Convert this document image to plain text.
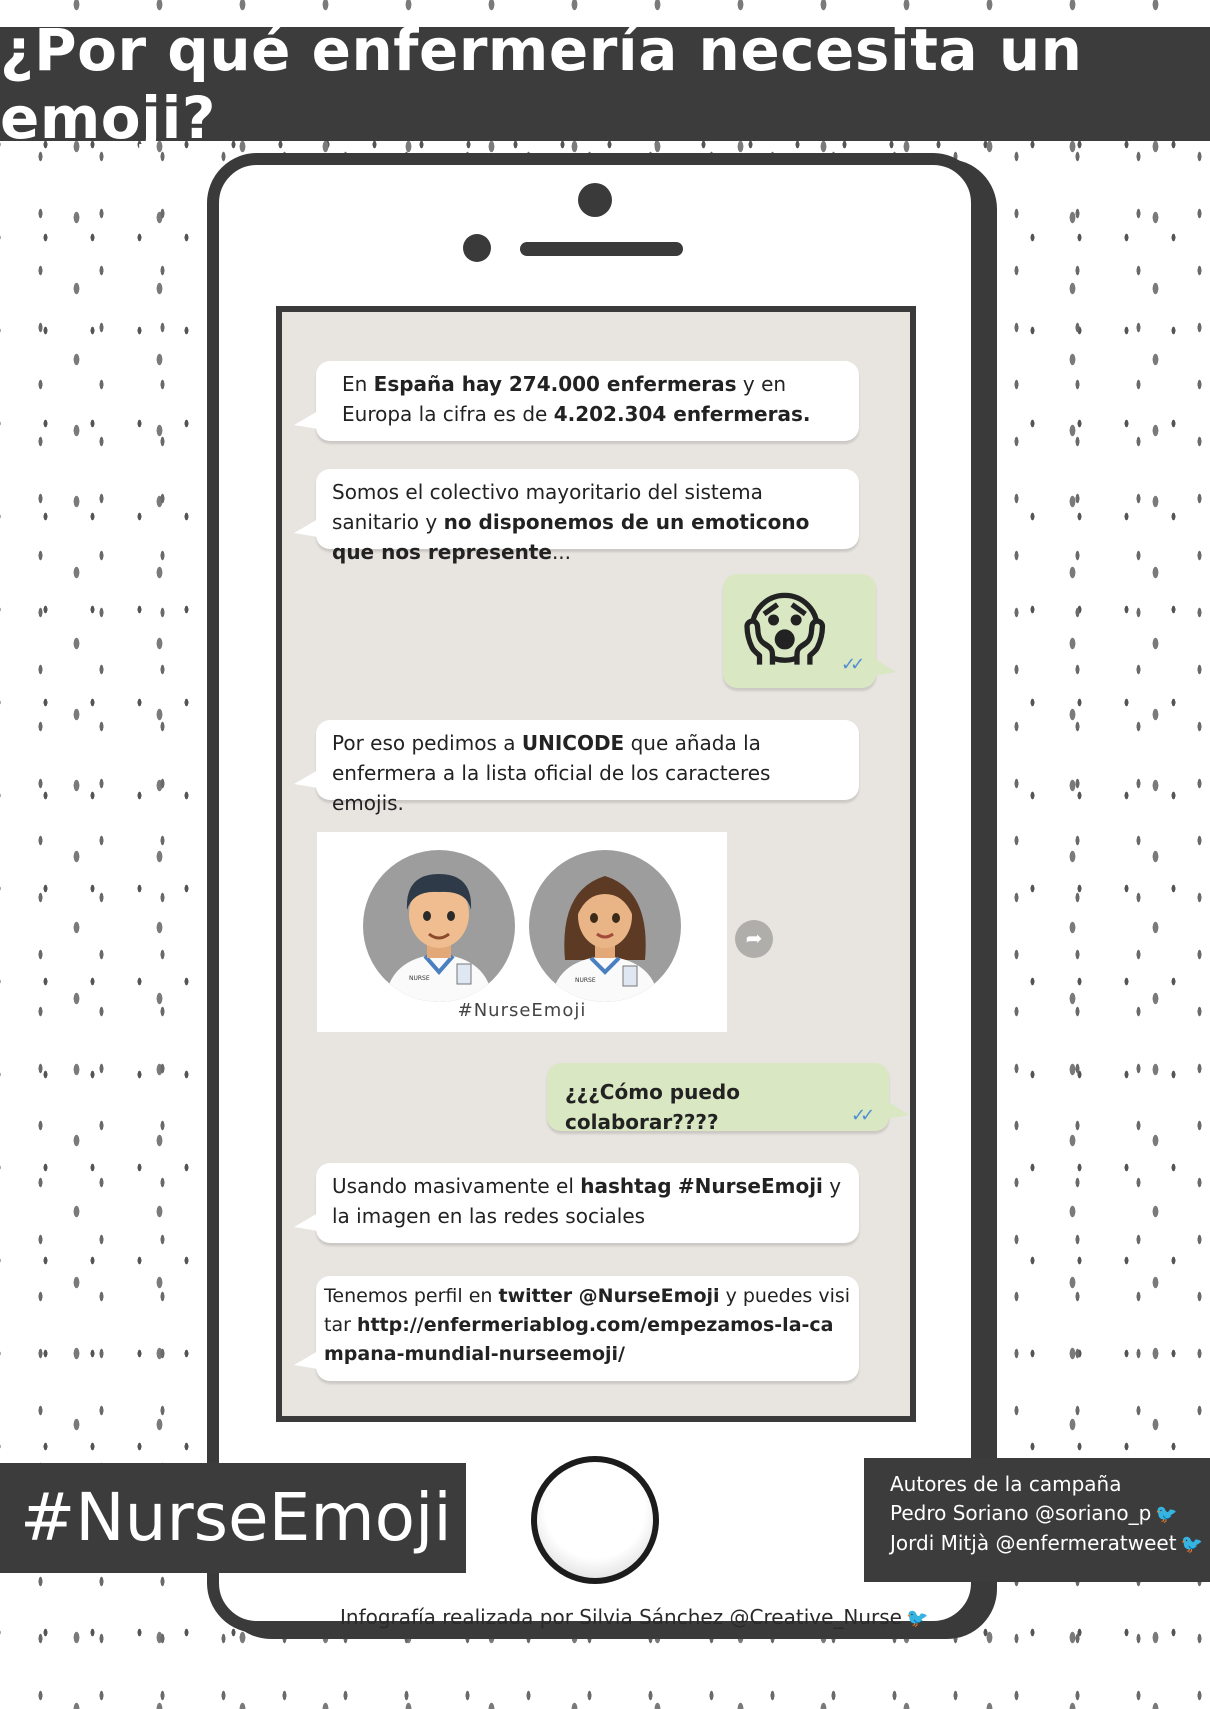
¿Por qué enfermería necesita un emoji?
En España hay 274.000 enfermeras y en Europa la cifra es de 4.202.304 enfermeras.
Somos el colectivo mayoritario del sistema sanitario y no disponemos de un emoticono que nos represente...
😱 ✓✓
Por eso pedimos a UNICODE que añada la enfermera a la lista oficial de los caracteres emojis.
NURSE	NURSE
#NurseEmoji
➦
¿¿¿Cómo puedo colaborar????	✓✓
Usando masivamente el hashtag #NurseEmoji y la imagen en las redes sociales
Tenemos perfil en twitter @NurseEmoji y puedes visitar http://enfermeriablog.com/empezamos-la-campana-mundial-nurseemoji/
#NurseEmoji	Autores de la campaña
Pedro Soriano @soriano_p 🐦
Jordi Mitjà @enfermeratweet 🐦
Infografía realizada por Silvia Sánchez @Creative_Nurse 🐦
